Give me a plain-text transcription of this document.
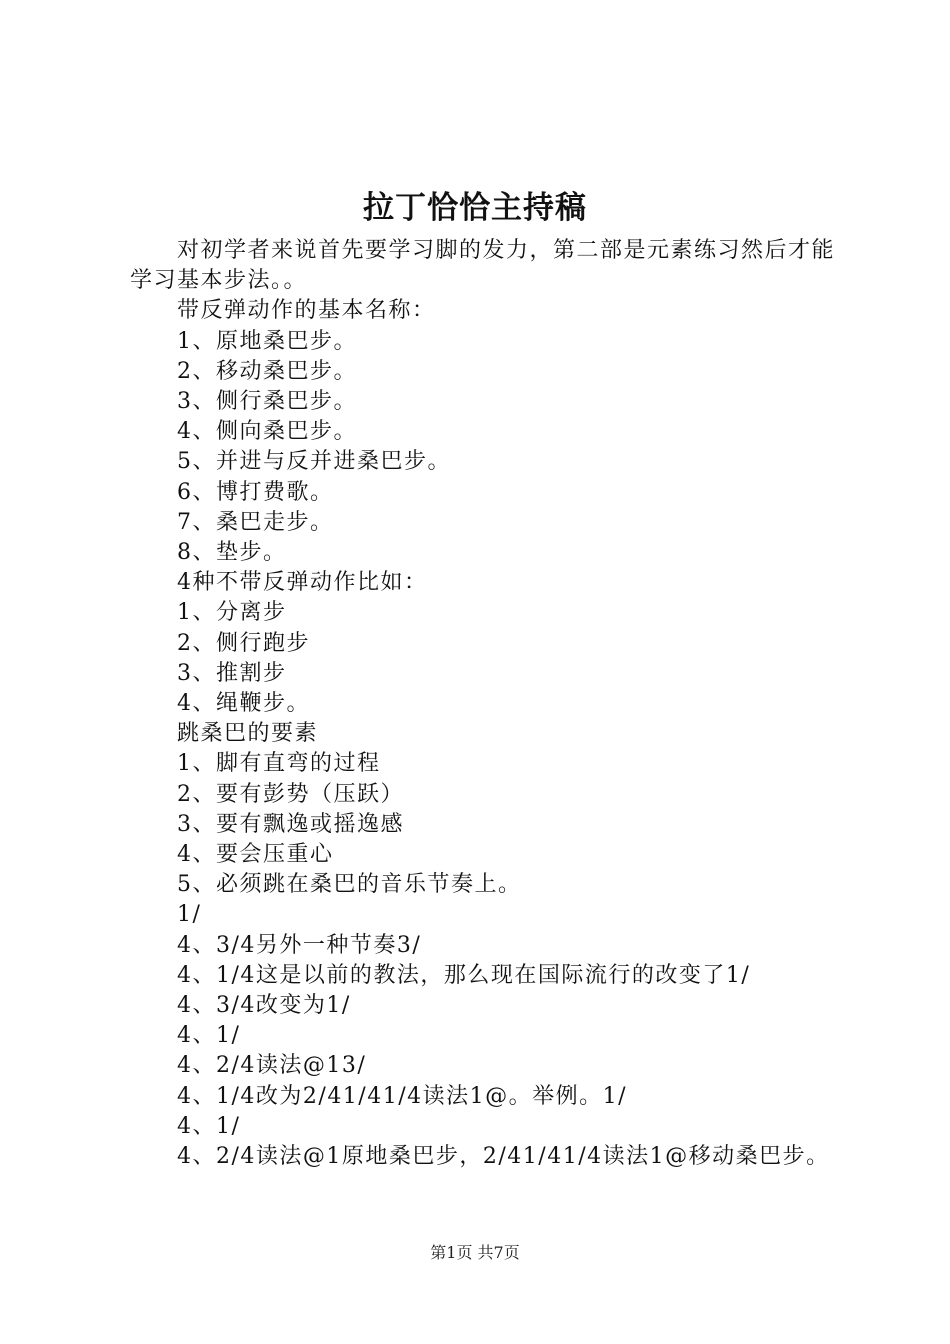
拉丁恰恰主持稿

对初学者来说首先要学习脚的发力，第二部是元素练习然后才能学习基本步法。。

带反弹动作的基本名称：

1、原地桑巴步。

2、移动桑巴步。

3、侧行桑巴步。

4、侧向桑巴步。

5、并进与反并进桑巴步。

6、博打费歌。

7、桑巴走步。

8、垫步。

4种不带反弹动作比如：

1、分离步

2、侧行跑步

3、推割步

4、绳鞭步。

跳桑巴的要素

1、脚有直弯的过程

2、要有彭势（压跃）

3、要有飘逸或摇逸感

4、要会压重心

5、必须跳在桑巴的音乐节奏上。

1/

4、3/4另外一种节奏3/

4、1/4这是以前的教法，那么现在国际流行的改变了1/

4、3/4改变为1/

4、1/

4、2/4读法@13/

4、1/4改为2/41/41/4读法1@。举例。1/

4、1/

4、2/4读法@1原地桑巴步，2/41/41/4读法1@移动桑巴步。

第1页 共7页
